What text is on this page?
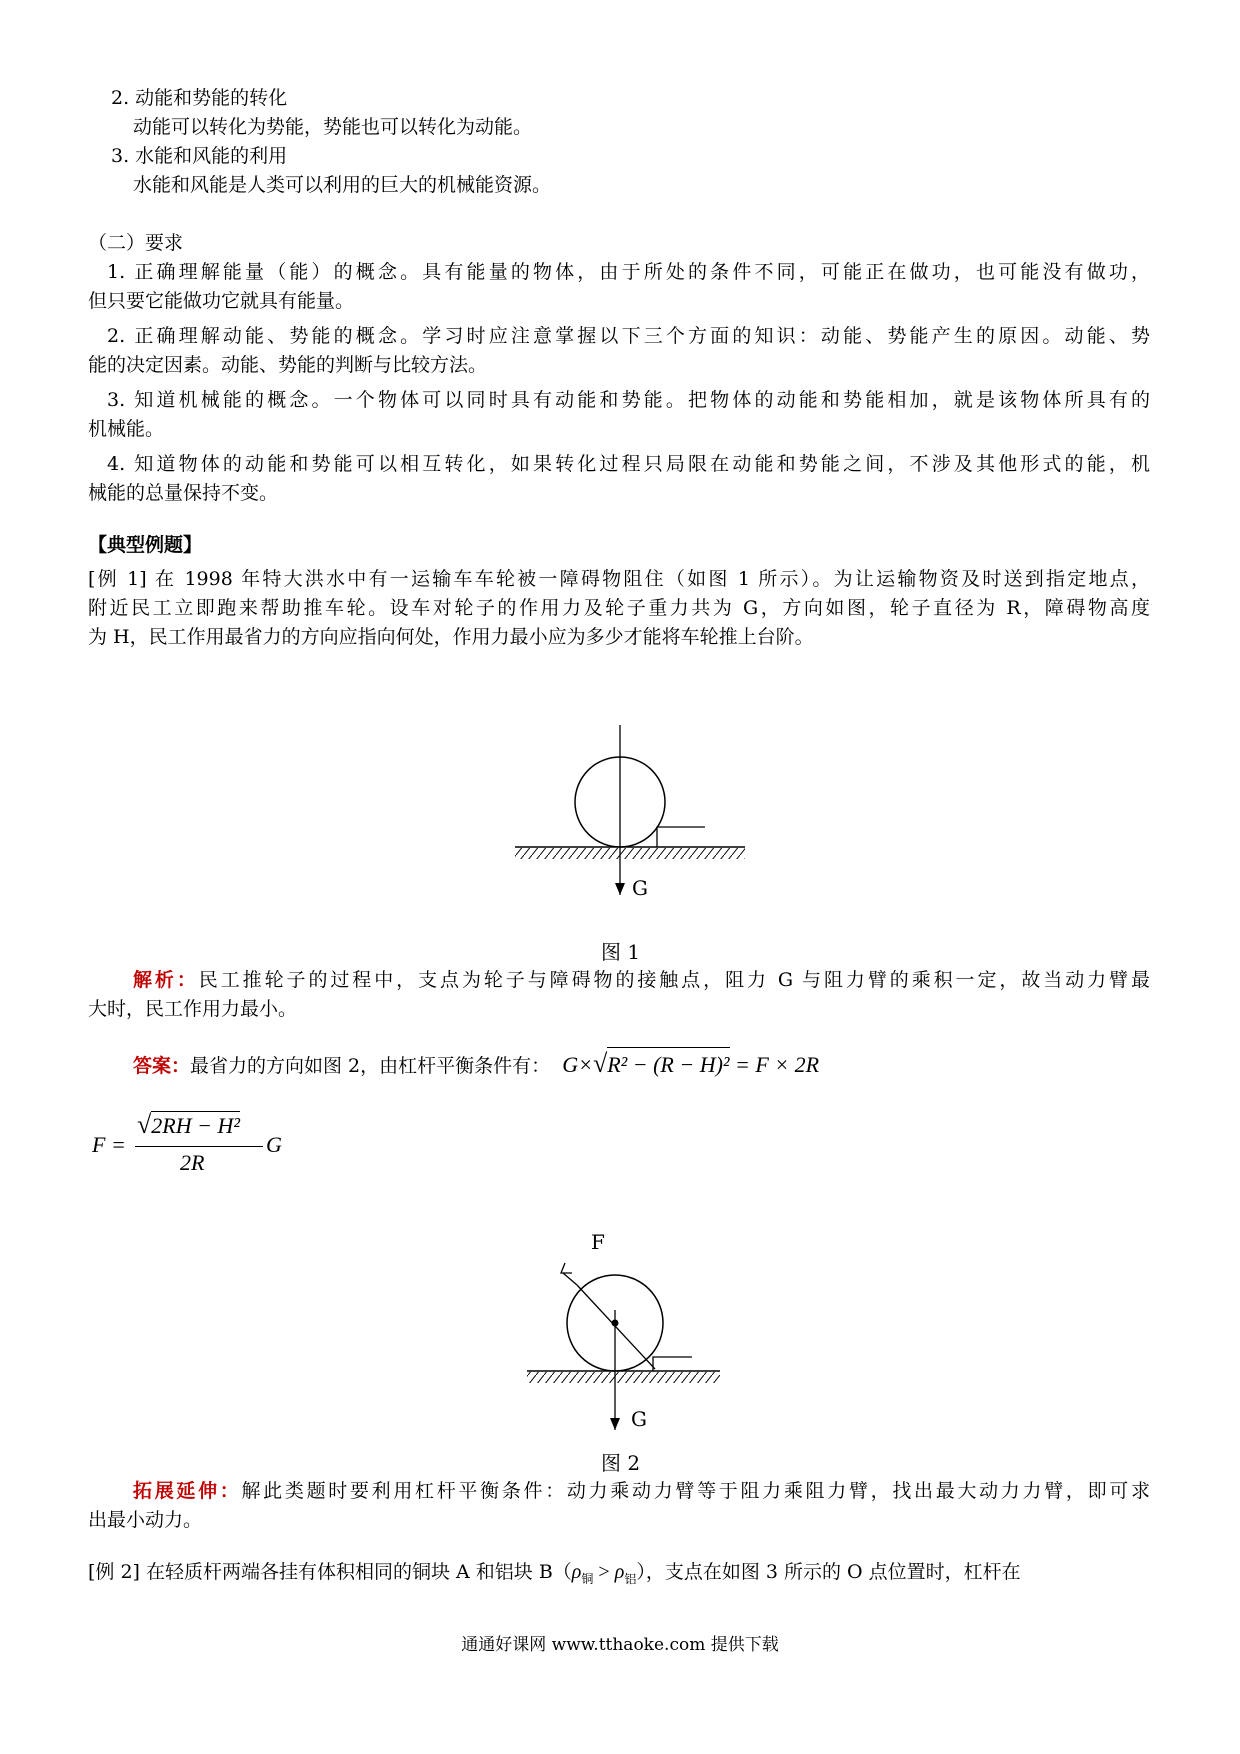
2. 动能和势能的转化
动能可以转化为势能，势能也可以转化为动能。
3. 水能和风能的利用
水能和风能是人类可以利用的巨大的机械能资源。
（二）要求
1. 正确理解能量（能）的概念。具有能量的物体，由于所处的条件不同，可能正在做功，也可能没有做功，
但只要它能做功它就具有能量。
2. 正确理解动能、势能的概念。学习时应注意掌握以下三个方面的知识：动能、势能产生的原因。动能、势
能的决定因素。动能、势能的判断与比较方法。
3. 知道机械能的概念。一个物体可以同时具有动能和势能。把物体的动能和势能相加，就是该物体所具有的
机械能。
4. 知道物体的动能和势能可以相互转化，如果转化过程只局限在动能和势能之间，不涉及其他形式的能，机
械能的总量保持不变。
【典型例题】
[例 1] 在 1998 年特大洪水中有一运输车车轮被一障碍物阻住（如图 1 所示）。为让运输物资及时送到指定地点，
附近民工立即跑来帮助推车轮。设车对轮子的作用力及轮子重力共为 G，方向如图，轮子直径为 R，障碍物高度
为 H，民工作用最省力的方向应指向何处，作用力最小应为多少才能将车轮推上台阶。
G
图 1
解析：民工推轮子的过程中，支点为轮子与障碍物的接触点，阻力 G 与阻力臂的乘积一定，故当动力臂最
大时，民工作用力最小。
答案：最省力的方向如图 2，由杠杆平衡条件有： G×√R² − (R − H)² = F × 2R
F =
√2RH − H²
2R
G
F
G
图 2
拓展延伸：解此类题时要利用杠杆平衡条件：动力乘动力臂等于阻力乘阻力臂，找出最大动力力臂，即可求
出最小动力。
[例 2] 在轻质杆两端各挂有体积相同的铜块 A 和铝块 $B(\rho_铜 > \rho_铝)$，支点在如图 3 所示的 O 点位置时，杠杆在
通通好课网 www.tthaoke.com 提供下载
